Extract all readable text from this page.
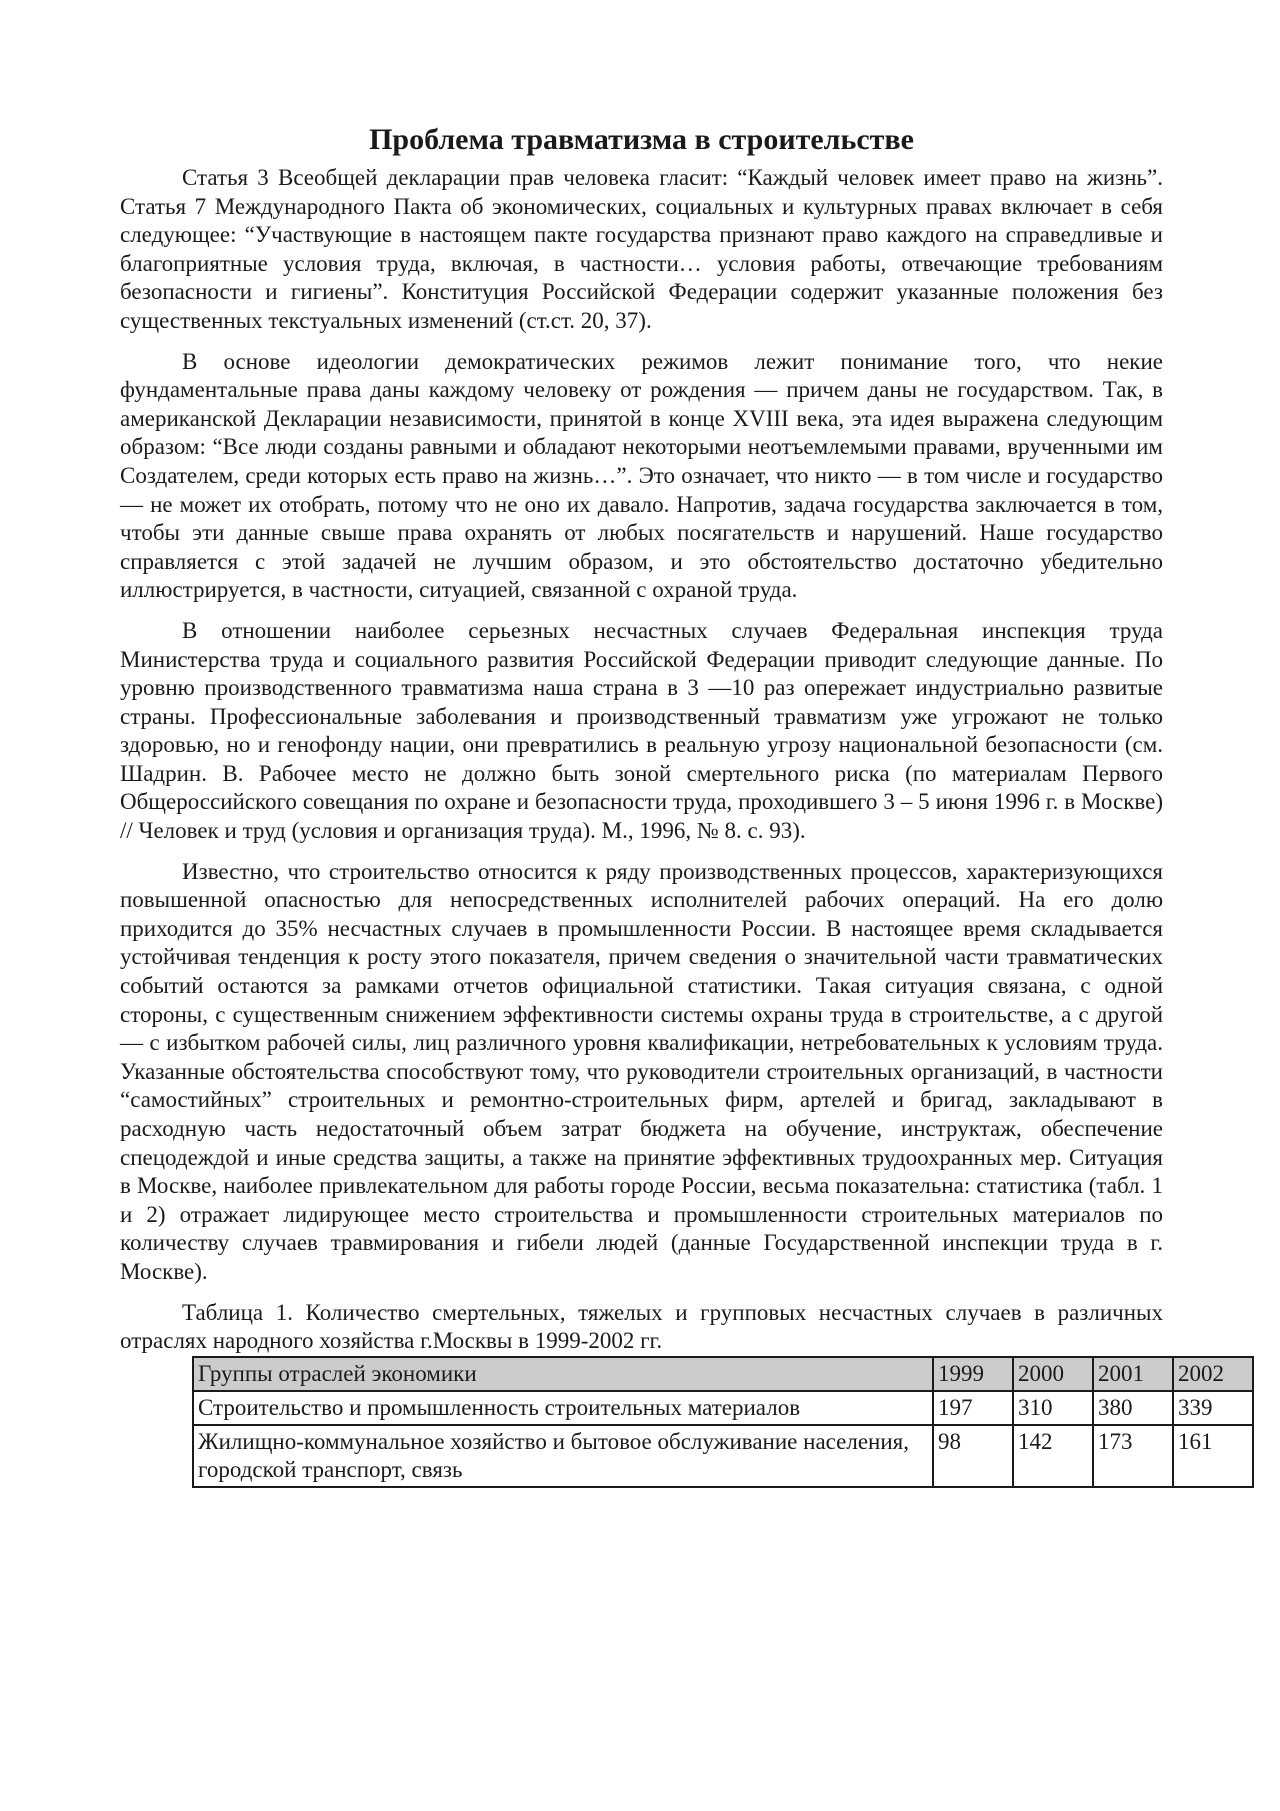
Проблема травматизма в строительстве

Статья 3 Всеобщей декларации прав человека гласит: “Каждый человек имеет право на жизнь”. Статья 7 Международного Пакта об экономических, социальных и культурных правах включает в себя следующее: “Участвующие в настоящем пакте государства признают право каждого на справедливые и благоприятные условия труда, включая, в частности… условия работы, отвечающие требованиям безопасности и гигиены”. Конституция Российской Федерации содержит указанные положения без существенных текстуальных изменений (ст.ст. 20, 37).

В основе идеологии демократических режимов лежит понимание того, что некие фундаментальные права даны каждому человеку от рождения — причем даны не государством. Так, в американской Декларации независимости, принятой в конце XVIII века, эта идея выражена следующим образом: “Все люди созданы равными и обладают некоторыми неотъемлемыми правами, врученными им Создателем, среди которых есть право на жизнь…”. Это означает, что никто — в том числе и государство — не может их отобрать, потому что не оно их давало. Напротив, задача государства заключается в том, чтобы эти данные свыше права охранять от любых посягательств и нарушений. Наше государство справляется с этой задачей не лучшим образом, и это обстоятельство достаточно убедительно иллюстрируется, в частности, ситуацией, связанной с охраной труда.

В отношении наиболее серьезных несчастных случаев Федеральная инспекция труда Министерства труда и социального развития Российской Федерации приводит следующие данные. По уровню производственного травматизма наша страна в 3 —10 раз опережает индустриально развитые страны. Профессиональные заболевания и производственный травматизм уже угрожают не только здоровью, но и генофонду нации, они превратились в реальную угрозу национальной безопасности (см. Шадрин. В. Рабочее место не должно быть зоной смертельного риска (по материалам Первого Общероссийского совещания по охране и безопасности труда, проходившего 3 – 5 июня 1996 г. в Москве) // Человек и труд (условия и организация труда). М., 1996, № 8. с. 93).

Известно, что строительство относится к ряду производственных процессов, характеризующихся повышенной опасностью для непосредственных исполнителей рабочих операций. На его долю приходится до 35% несчастных случаев в промышленности России. В настоящее время складывается устойчивая тенденция к росту этого показателя, причем сведения о значительной части травматических событий остаются за рамками отчетов официальной статистики. Такая ситуация связана, с одной стороны, с существенным снижением эффективности системы охраны труда в строительстве, а с другой — с избытком рабочей силы, лиц различного уровня квалификации, нетребовательных к условиям труда. Указанные обстоятельства способствуют тому, что руководители строительных организаций, в частности “самостийных” строительных и ремонтно-строительных фирм, артелей и бригад, закладывают в расходную часть недостаточный объем затрат бюджета на обучение, инструктаж, обеспечение спецодеждой и иные средства защиты, а также на принятие эффективных трудоохранных мер. Ситуация в Москве, наиболее привлекательном для работы городе России, весьма показательна: статистика (табл. 1 и 2) отражает лидирующее место строительства и промышленности строительных материалов по количеству случаев травмирования и гибели людей (данные Государственной инспекции труда в г. Москве).

Таблица 1. Количество смертельных, тяжелых и групповых несчастных случаев в различных отраслях народного хозяйства г.Москвы в 1999-2002 гг.

Группы отраслей экономики	1999	2000	2001	2002
Строительство и промышленность строительных материалов	197	310	380	339
Жилищно-коммунальное хозяйство и бытовое обслуживание населения, городской транспорт, связь	98	142	173	161
